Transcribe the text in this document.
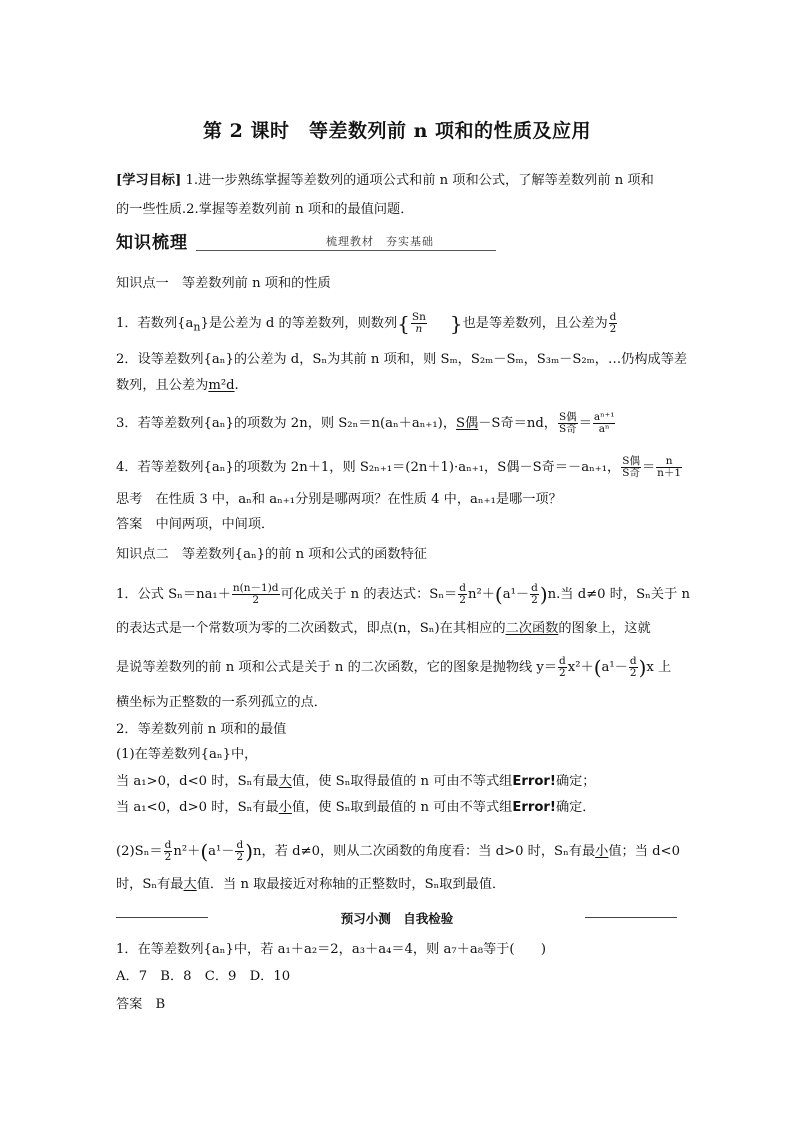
第 2 课时　等差数列前 n 项和的性质及应用
[学习目标] 1.进一步熟练掌握等差数列的通项公式和前 n 项和公式，了解等差数列前 n 项和
的一些性质.2.掌握等差数列前 n 项和的最值问题．
知识梳理	梳理教材　夯实基础
知识点一　等差数列前 n 项和的性质
1．若数列$\{a_n\}$是公差为 d 的等差数列，则数列{ $\frac{Sn}{n}$ }也是等差数列，且公差为 $\frac{d}{2}$
2．设等差数列{aₙ}的公差为 d，Sₙ为其前 n 项和，则 Sₘ，S₂ₘ－Sₘ，S₃ₘ－S₂ₘ，…仍构成等差
数列，且公差为m²d.
3．若等差数列{aₙ}的项数为 2n，则 S₂ₙ＝n(aₙ＋aₙ₊₁)，S偶－S奇＝nd， $\frac{\text{S偶}}{\text{S奇}} = \frac{\text{aⁿ⁺¹}}{\text{aⁿ}}$
4．若等差数列{aₙ}的项数为 2n＋1，则 S₂ₙ₊₁＝(2n＋1)·aₙ₊₁，S偶－S奇＝－aₙ₊₁， $\frac{\text{S偶}}{\text{S奇}} = \frac{n}{n+1}$
思考　在性质 3 中，aₙ和 aₙ₊₁分别是哪两项？在性质 4 中，aₙ₊₁是哪一项？
答案　中间两项，中间项．
知识点二　等差数列{aₙ}的前 n 项和公式的函数特征
1．公式 $S_n=na_1+ \frac{n(n-1)d}{2}$ 可化成关于 n 的表达式：$S_n= \frac{d}{2} n^2+(a^1- \frac{d}{2} )n$.当 d≠0 时，Sₙ关于 n
的表达式是一个常数项为零的二次函数式，即点(n，Sₙ)在其相应的二次函数的图象上，这就
是说等差数列的前 n 项和公式是关于 n 的二次函数，它的图象是抛物线 $y= \frac{d}{2} x^2+(a^1- \frac{d}{2} )x$ 上
横坐标为正整数的一系列孤立的点．
2．等差数列前 n 项和的最值
(1)在等差数列{aₙ}中，
当 a₁>0，d<0 时，Sₙ有最大值，使 Sₙ取得最值的 n 可由不等式组Error!确定；
当 a₁<0，d>0 时，Sₙ有最小值，使 Sₙ取到最值的 n 可由不等式组Error!确定．
$(2)S_n= \frac{d}{2} n^2+(a^1- \frac{d}{2} )n$，若 d≠0，则从二次函数的角度看：当 d>0 时，Sₙ有最小值；当 d<0
时，Sₙ有最大值．当 n 取最接近对称轴的正整数时，Sₙ取到最值．
预习小测　自我检验
1．在等差数列{aₙ}中，若 a₁＋a₂＝2，a₃＋a₄＝4，则 a₇＋a₈等于(　　)
A．7　B．8　C．9　D．10
答案　B
